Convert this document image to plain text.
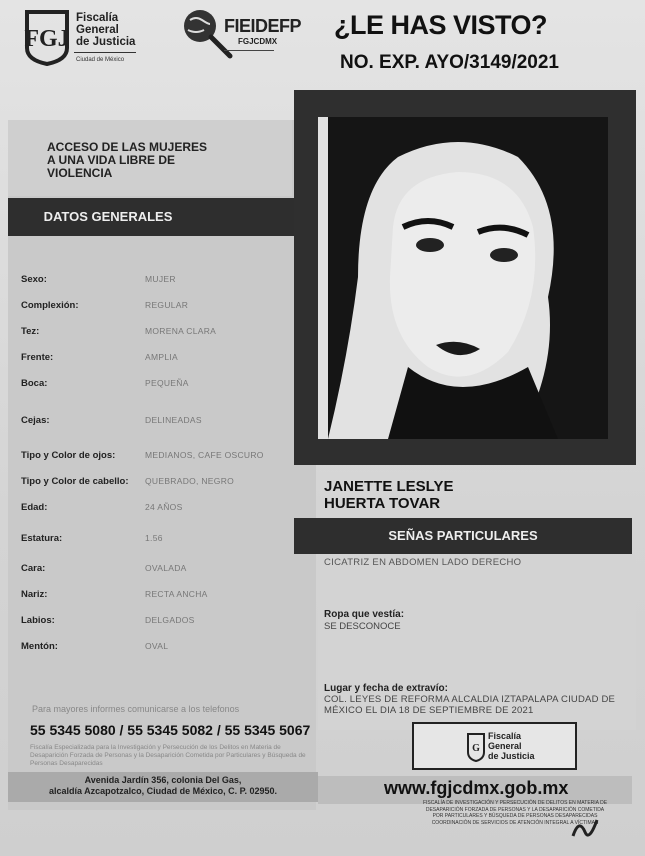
FGJ
Fiscalía
General
de Justicia
Ciudad de México
FIEIDEFP
FGJCDMX
¿LE HAS VISTO?
NO. EXP. AYO/3149/2021
ACCESO DE LAS MUJERES
A UNA VIDA LIBRE DE
VIOLENCIA
DATOS GENERALES
Sexo:	MUJER
Complexión:	REGULAR
Tez:	MORENA CLARA
Frente:	AMPLIA
Boca:	PEQUEÑA
Cejas:	DELINEADAS
Tipo y Color de ojos:	MEDIANOS, CAFE OSCURO
Tipo y Color de cabello: QUEBRADO, NEGRO
Edad:	24 AÑOS
Estatura:	1.56
Cara:	OVALADA
Nariz:	RECTA ANCHA
Labios:	DELGADOS
Mentón:	OVAL
Para mayores informes comunicarse a los telefonos
55 5345 5080 / 55 5345 5082 / 55 5345 5067
Fiscalía Especializada para la Investigación y Persecución de los Delitos en Materia de Desaparición Forzada de Personas y la Desaparición Cometida por Particulares y Búsqueda de Personas Desaparecidas
Avenida Jardín 356, colonia Del Gas,
alcaldía Azcapotzalco, Ciudad de México, C. P. 02950.
JANETTE LESLYE
HUERTA TOVAR
SEÑAS PARTICULARES
CICATRIZ EN ABDOMEN LADO DERECHO
Ropa que vestía:
SE DESCONOCE
Lugar y fecha de extravío:
COL. LEYES DE REFORMA ALCALDIA IZTAPALAPA CIUDAD DE MÉXICO EL DIA 18 DE SEPTIEMBRE DE 2021
G
Fiscalía
General
de Justicia
www.fgjcdmx.gob.mx
FISCALÍA DE INVESTIGACIÓN Y PERSECUCIÓN DE DELITOS EN MATERIA DE DESAPARICIÓN FORZADA DE PERSONAS Y LA DESAPARICIÓN COMETIDA POR PARTICULARES Y BÚSQUEDA DE PERSONAS DESAPARECIDAS COORDINACIÓN DE SERVICIOS DE ATENCIÓN INTEGRAL A VÍCTIMAS
